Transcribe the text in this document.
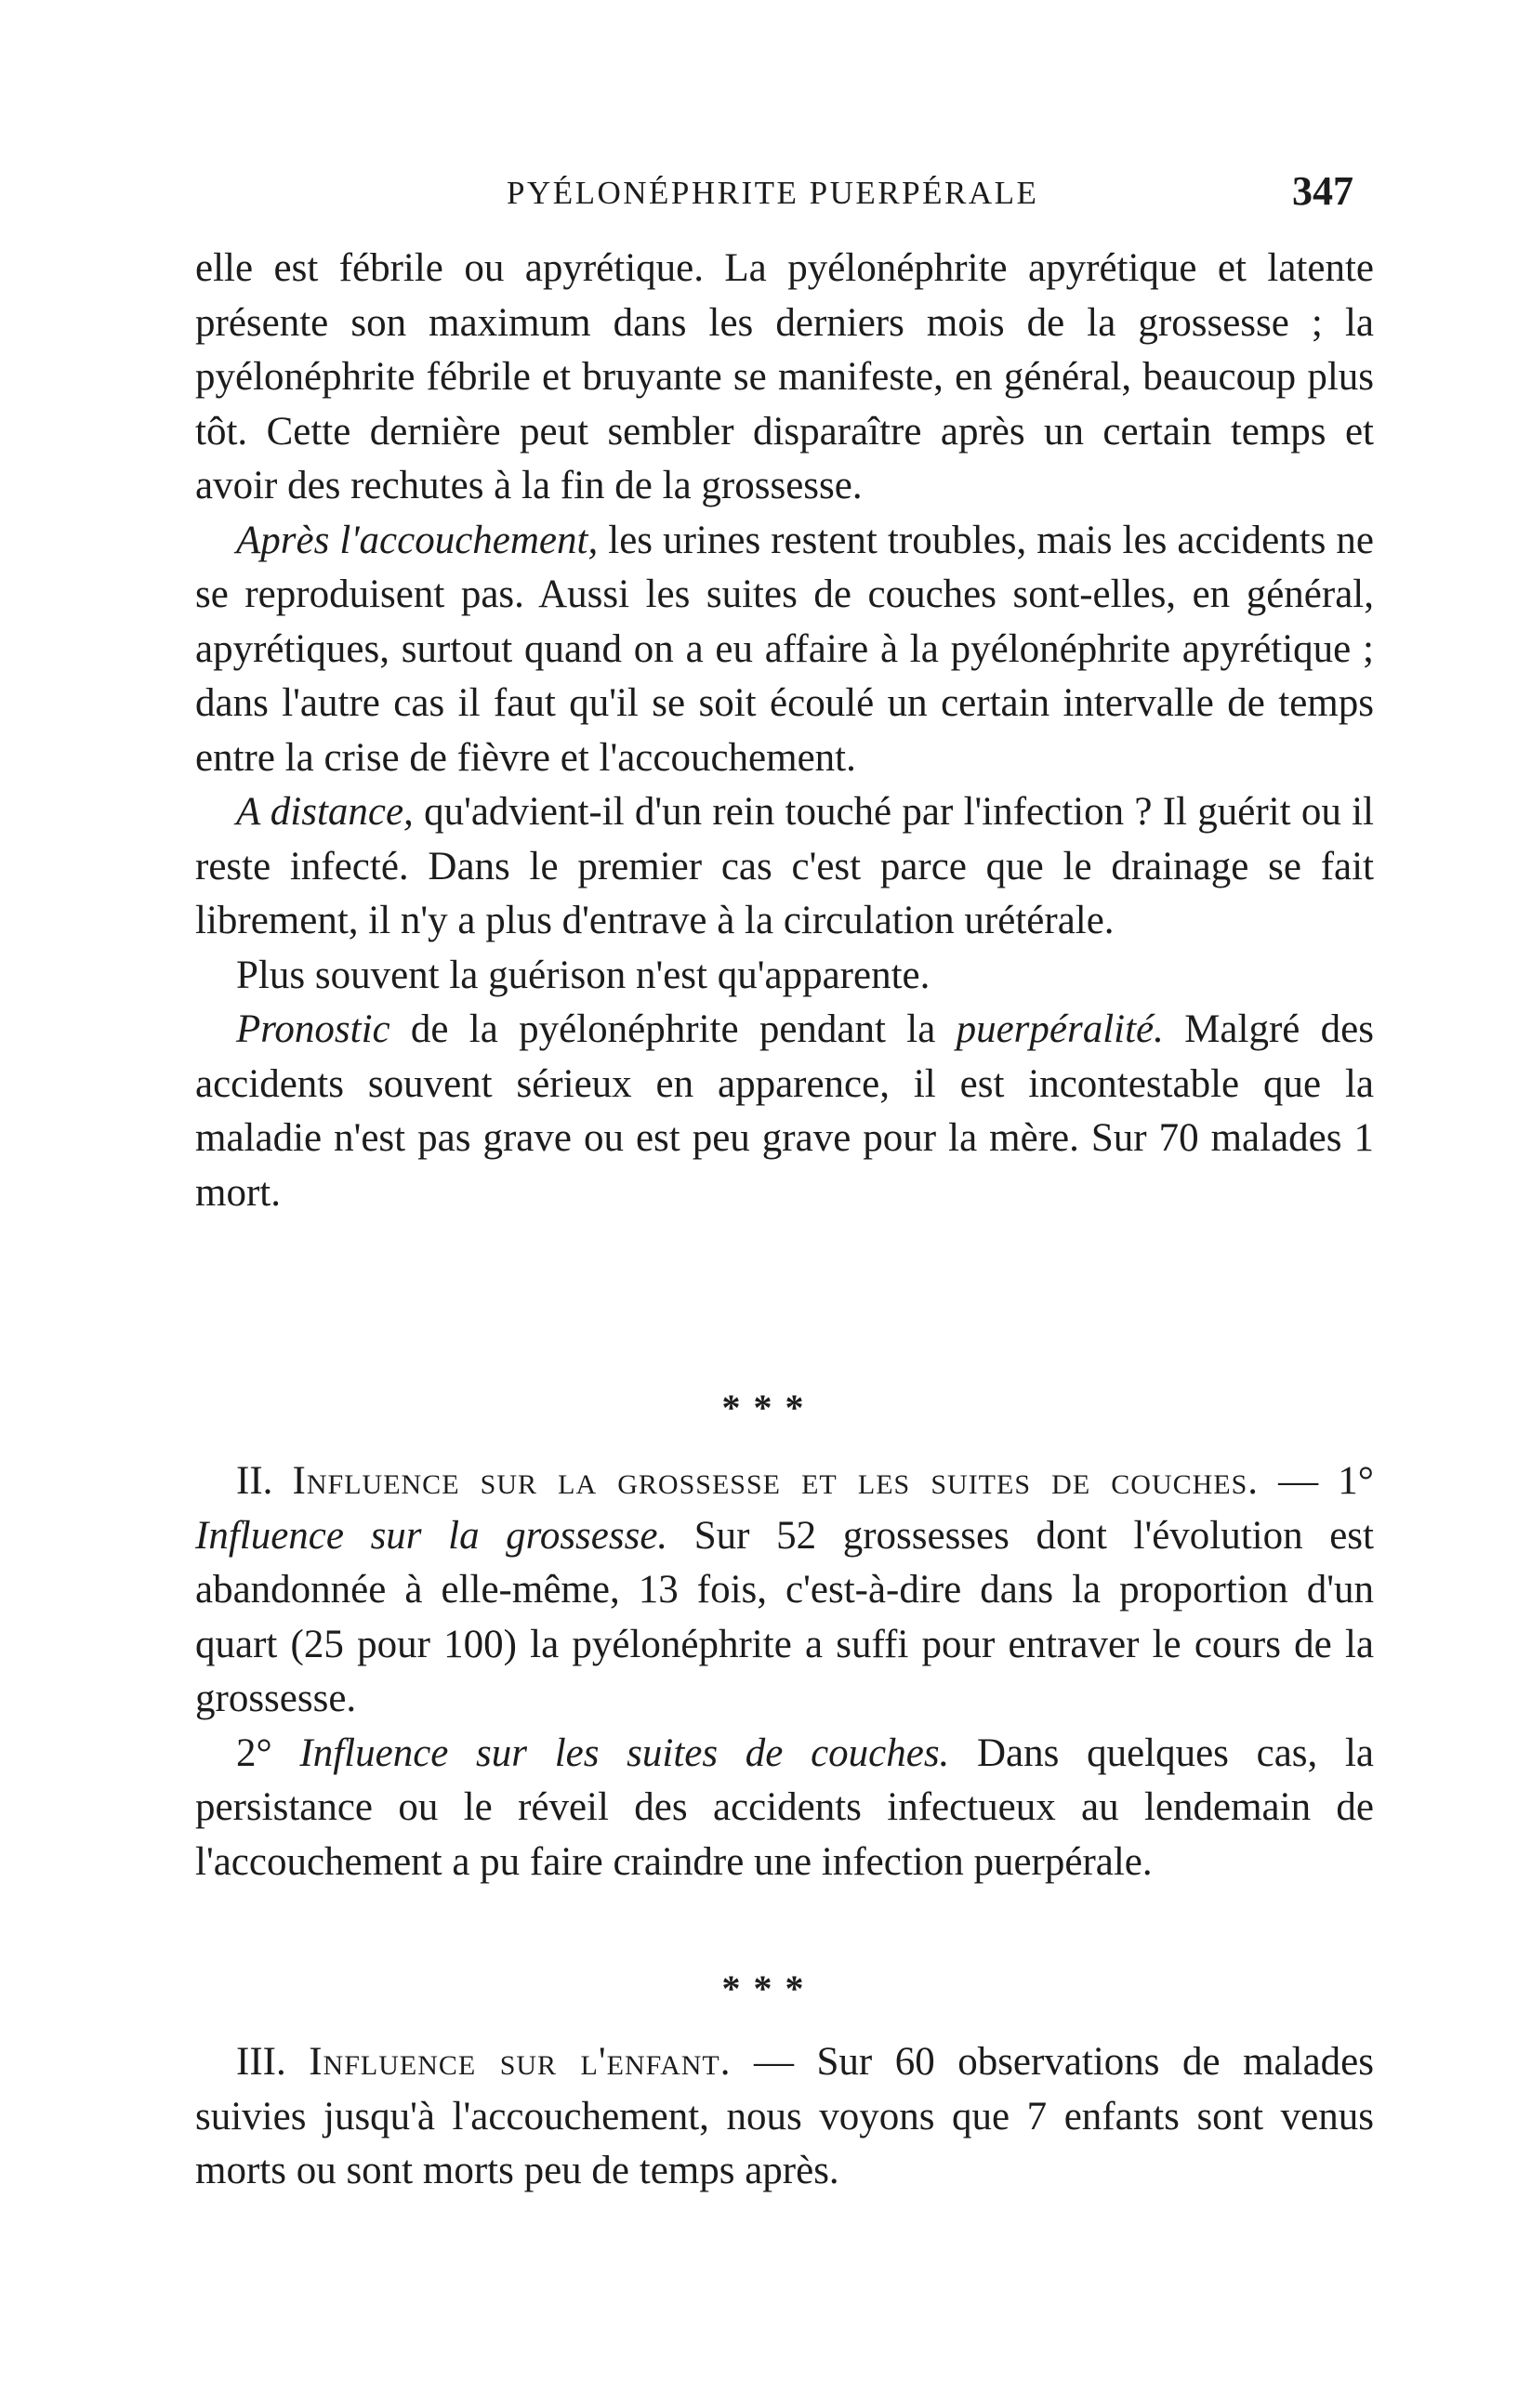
PYÉLONÉPHRITE PUERPÉRALE	347

elle est fébrile ou apyrétique. La pyélonéphrite apyrétique et latente présente son maximum dans les derniers mois de la grossesse ; la pyélonéphrite fébrile et bruyante se manifeste, en général, beaucoup plus tôt. Cette dernière peut sembler disparaître après un certain temps et avoir des rechutes à la fin de la grossesse.

Après l'accouchement, les urines restent troubles, mais les accidents ne se reproduisent pas. Aussi les suites de couches sont-elles, en général, apyrétiques, surtout quand on a eu affaire à la pyélonéphrite apyrétique ; dans l'autre cas il faut qu'il se soit écoulé un certain intervalle de temps entre la crise de fièvre et l'accouchement.

A distance, qu'advient-il d'un rein touché par l'infection ? Il guérit ou il reste infecté. Dans le premier cas c'est parce que le drainage se fait librement, il n'y a plus d'entrave à la circulation urétérale.

Plus souvent la guérison n'est qu'apparente.

Pronostic de la pyélonéphrite pendant la puerpéralité. Malgré des accidents souvent sérieux en apparence, il est incontestable que la maladie n'est pas grave ou est peu grave pour la mère. Sur 70 malades 1 mort.

***

II. Influence sur la grossesse et les suites de couches. — 1° Influence sur la grossesse. Sur 52 grossesses dont l'évolution est abandonnée à elle-même, 13 fois, c'est-à-dire dans la proportion d'un quart (25 pour 100) la pyélonéphrite a suffi pour entraver le cours de la grossesse.

2° Influence sur les suites de couches. Dans quelques cas, la persistance ou le réveil des accidents infectueux au lendemain de l'accouchement a pu faire craindre une infection puerpérale.

***

III. Influence sur l'enfant. — Sur 60 observations de malades suivies jusqu'à l'accouchement, nous voyons que 7 enfants sont venus morts ou sont morts peu de temps après.
